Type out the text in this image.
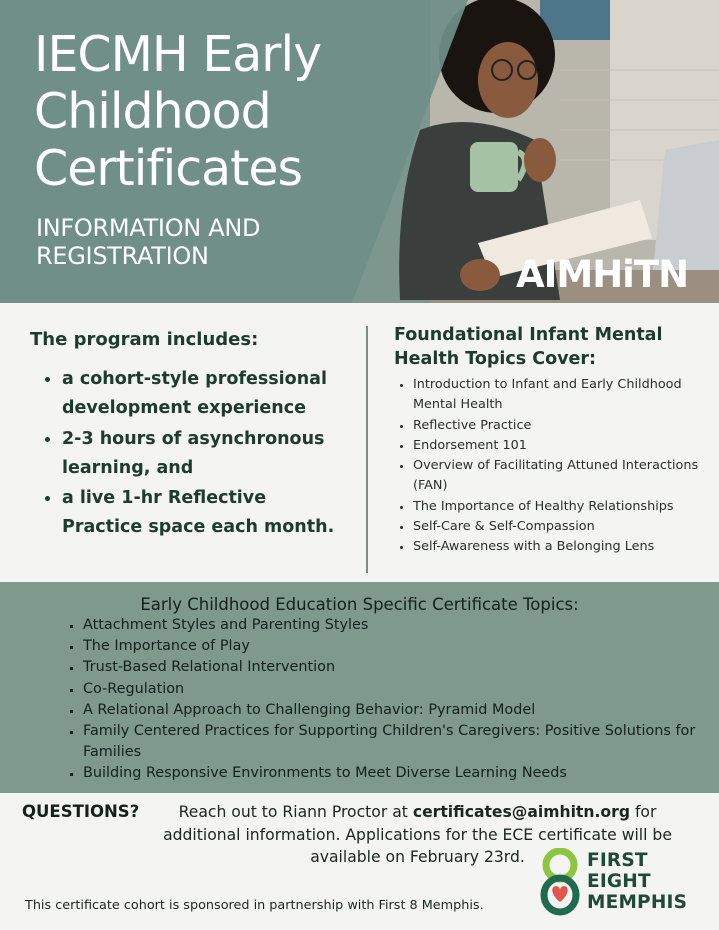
IECMH Early
Childhood
Certificates
INFORMATION AND
REGISTRATION	AIMHiTN
The program includes:
• a cohort-style professional development experience
• 2-3 hours of asynchronous learning, and
• a live 1-hr Reflective Practice space each month.
Foundational Infant Mental Health Topics Cover:
• Introduction to Infant and Early Childhood Mental Health
• Reflective Practice
• Endorsement 101
• Overview of Facilitating Attuned Interactions (FAN)
• The Importance of Healthy Relationships
• Self-Care & Self-Compassion
• Self-Awareness with a Belonging Lens
Early Childhood Education Specific Certificate Topics:
▪ Attachment Styles and Parenting Styles
▪ The Importance of Play
▪ Trust-Based Relational Intervention
▪ Co-Regulation
▪ A Relational Approach to Challenging Behavior: Pyramid Model
▪ Family Centered Practices for Supporting Children's Caregivers: Positive Solutions for Families
▪ Building Responsive Environments to Meet Diverse Learning Needs

QUESTIONS?	Reach out to Riann Proctor at certificates@aimhitn.org for additional information. Applications for the ECE certificate will be available on February 23rd.

This certificate cohort is sponsored in partnership with First 8 Memphis.

FIRST
EIGHT
MEMPHIS
